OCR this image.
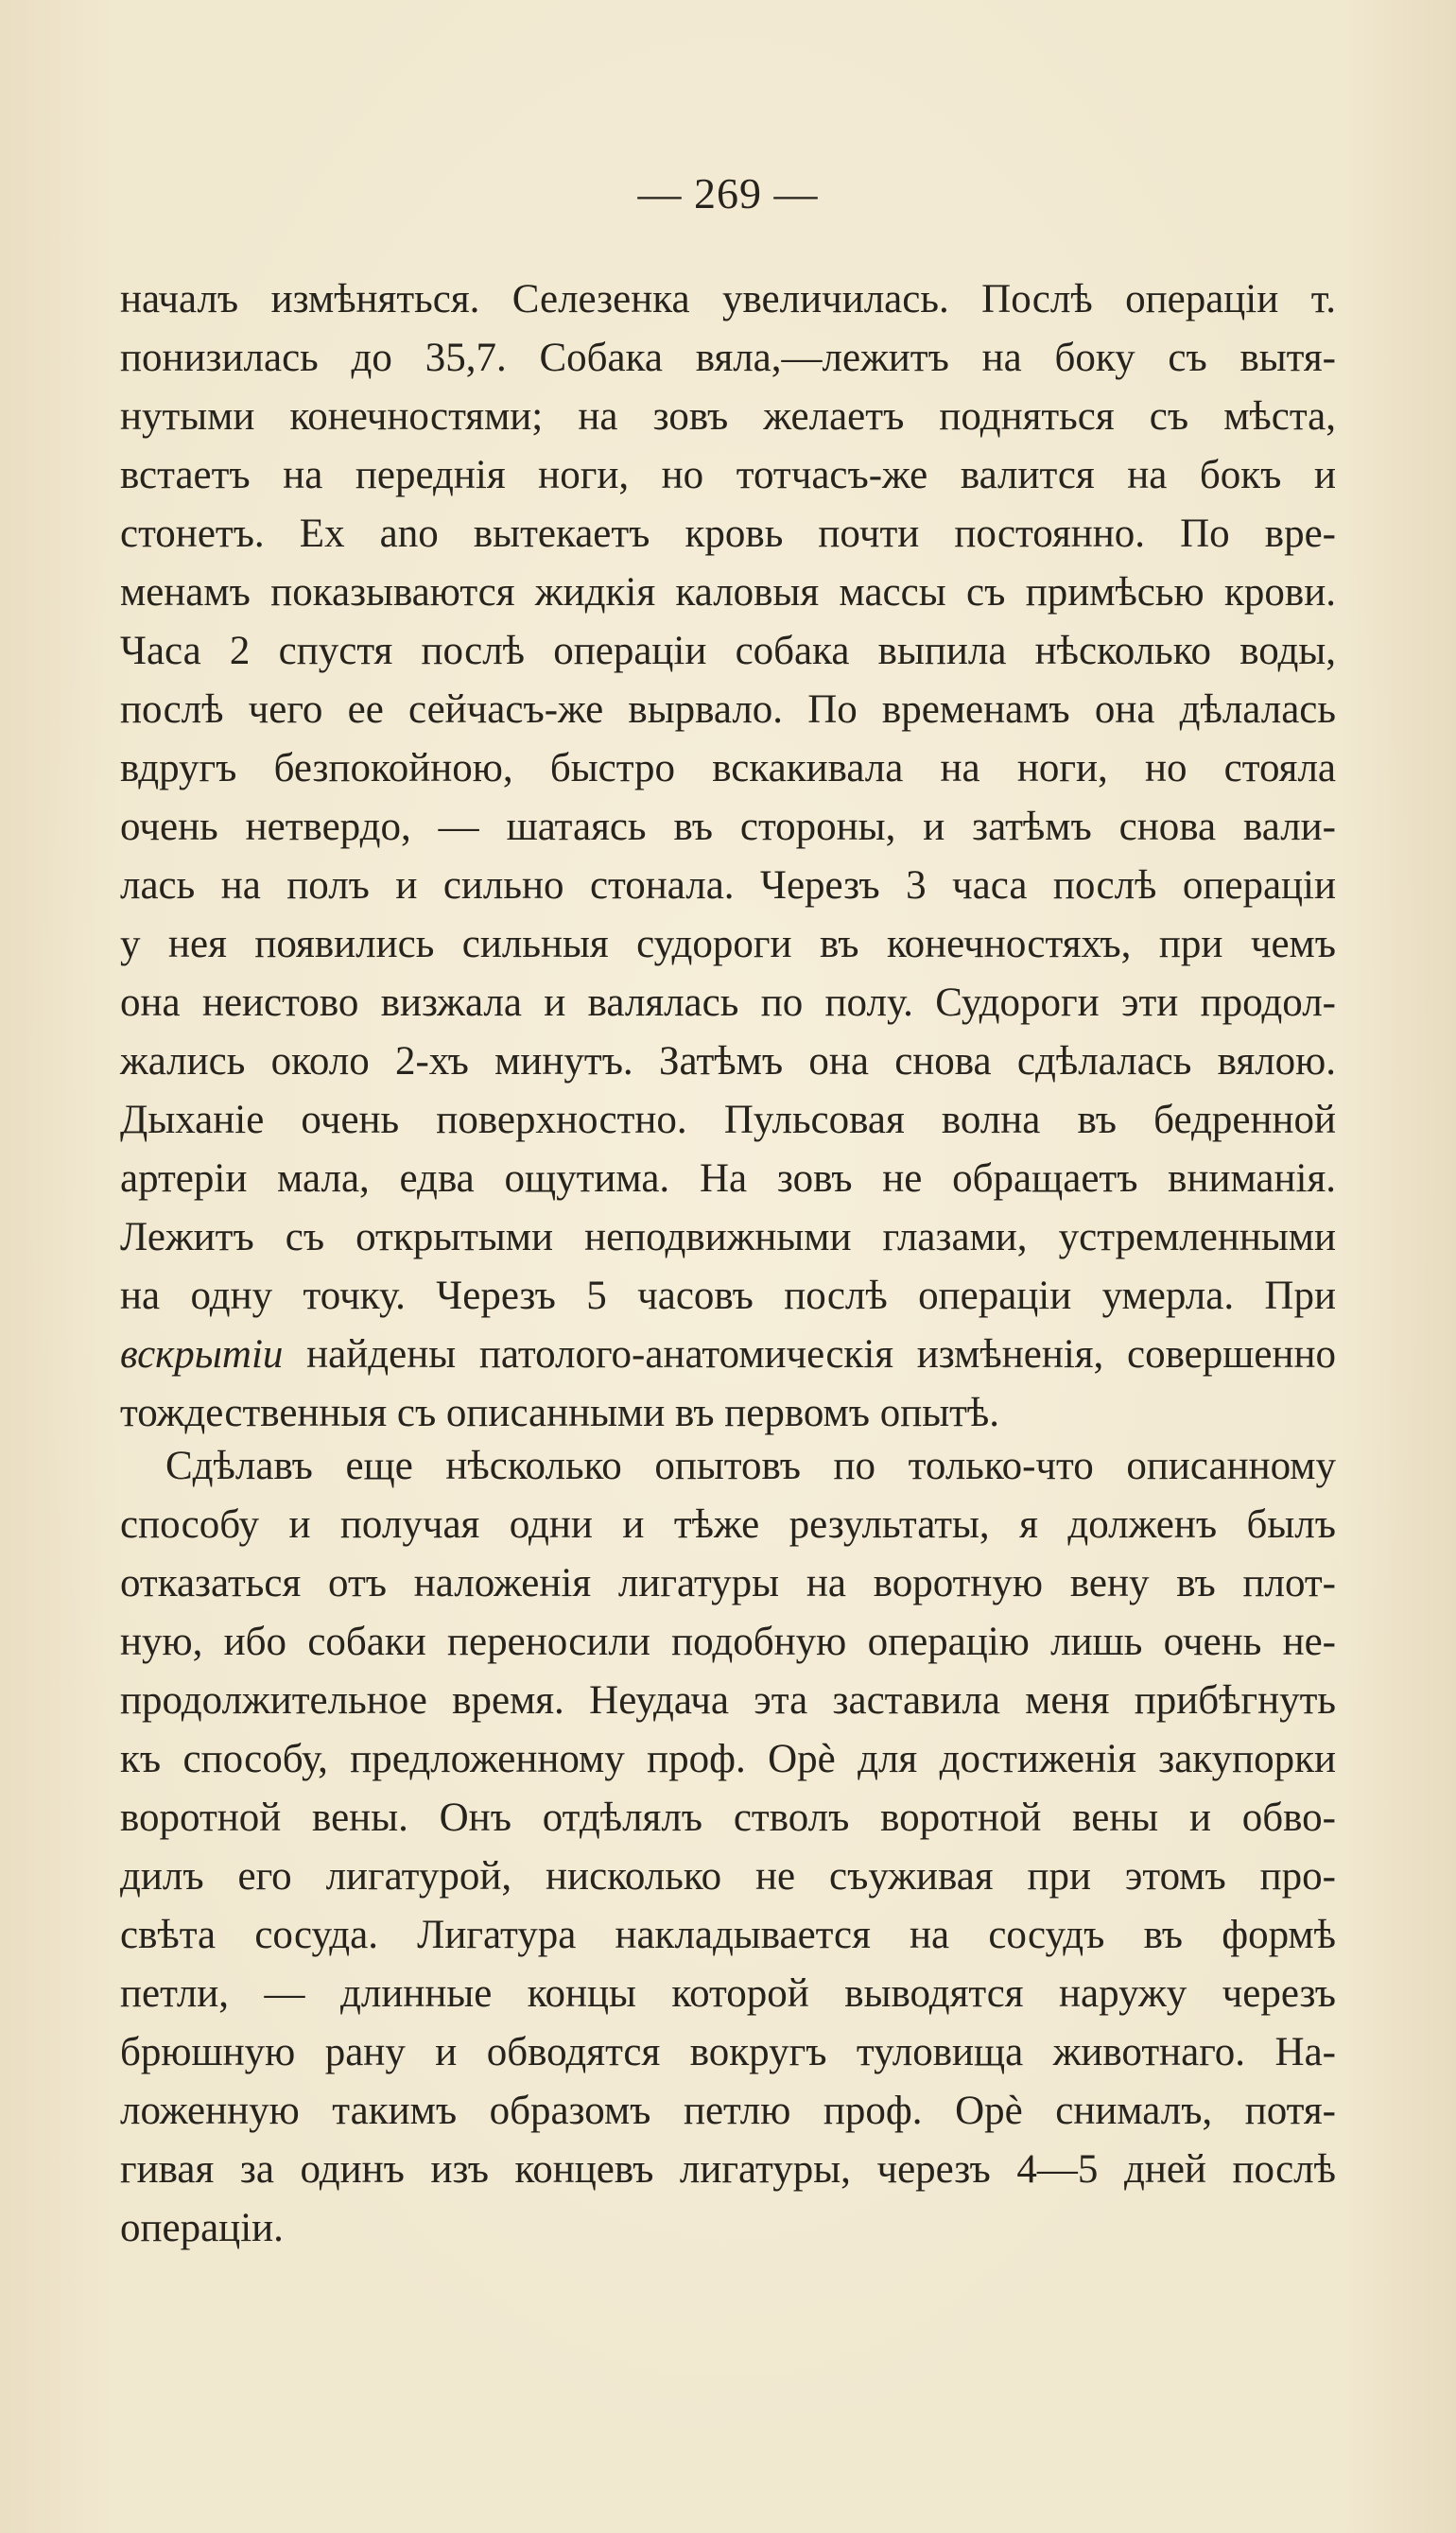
— 269 —
началъ измѣняться. Селезенка увеличилась. Послѣ операціи т.
понизилась до 35,7. Собака вяла,—лежитъ на боку съ вытя-
нутыми конечностями; на зовъ желаетъ подняться съ мѣста,
встаетъ на переднія ноги, но тотчасъ-же валится на бокъ и
стонетъ. Ex ano вытекаетъ кровь почти постоянно. По вре-
менамъ показываются жидкія каловыя массы съ примѣсью крови.
Часа 2 спустя послѣ операціи собака выпила нѣсколько воды,
послѣ чего ее сейчасъ-же вырвало. По временамъ она дѣлалась
вдругъ безпокойною, быстро вскакивала на ноги, но стояла
очень нетвердо, — шатаясь въ стороны, и затѣмъ снова вали-
лась на полъ и сильно стонала. Черезъ 3 часа послѣ операціи
у нея появились сильныя судороги въ конечностяхъ, при чемъ
она неистово визжала и валялась по полу. Судороги эти продол-
жались около 2-хъ минутъ. Затѣмъ она снова сдѣлалась вялою.
Дыханіе очень поверхностно. Пульсовая волна въ бедренной
артеріи мала, едва ощутима. На зовъ не обращаетъ вниманія.
Лежитъ съ открытыми неподвижными глазами, устремленными
на одну точку. Черезъ 5 часовъ послѣ операціи умерла. При
вскрытіи найдены патолого-анатомическія измѣненія, совершенно
тождественныя съ описанными въ первомъ опытѣ.
Сдѣлавъ еще нѣсколько опытовъ по только-что описанному
способу и получая одни и тѣже результаты, я долженъ былъ
отказаться отъ наложенія лигатуры на воротную вену въ плот-
ную, ибо собаки переносили подобную операцію лишь очень не-
продолжительное время. Неудача эта заставила меня прибѣгнуть
къ способу, предложенному проф. Орѐ для достиженія закупорки
воротной вены. Онъ отдѣлялъ стволъ воротной вены и обво-
дилъ его лигатурой, нисколько не съуживая при этомъ про-
свѣта сосуда. Лигатура накладывается на сосудъ въ формѣ
петли, — длинные концы которой выводятся наружу черезъ
брюшную рану и обводятся вокругъ туловища животнаго. На-
ложенную такимъ образомъ петлю проф. Орѐ снималъ, потя-
гивая за одинъ изъ концевъ лигатуры, черезъ 4—5 дней послѣ
операціи.
